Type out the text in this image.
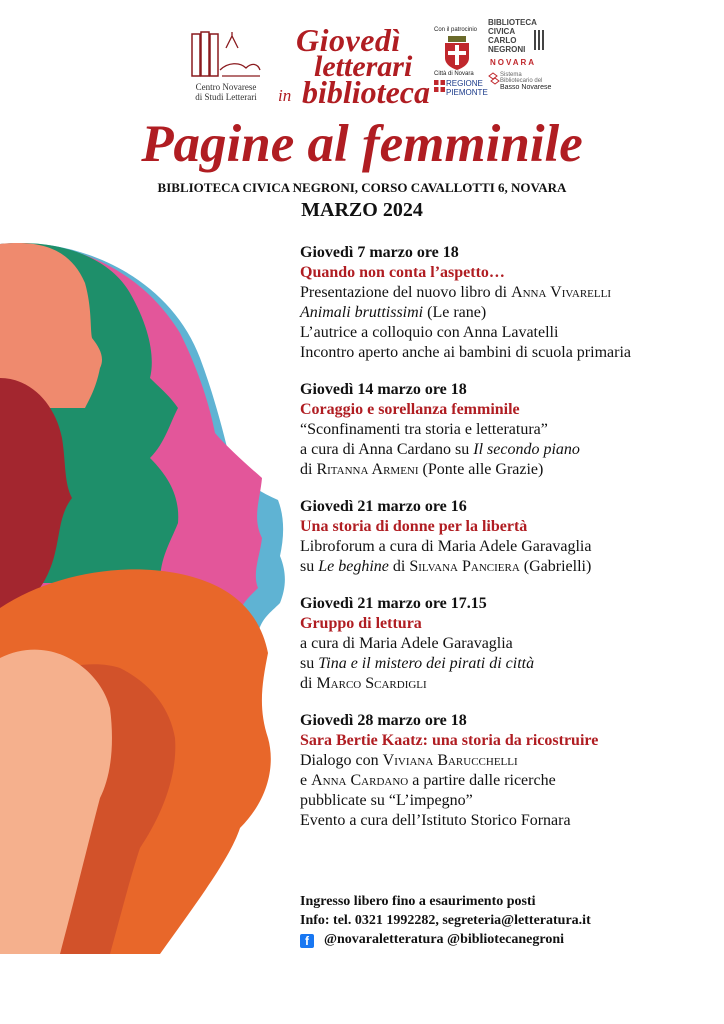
Centro Novarese
di Studi Letterari
Giovedì
letterari
in biblioteca
Con il patrocinio
Città di Novara
REGIONE PIEMONTE
BIBLIOTECA
CIVICA
CARLO
NEGRONI
NOVARA
Sistema Bibliotecario del
Basso Novarese
Pagine al femminile
BIBLIOTECA CIVICA NEGRONI, CORSO CAVALLOTTI 6, NOVARA
MARZO 2024
Giovedì 7 marzo ore 18
Quando non conta l’aspetto…
Presentazione del nuovo libro di Anna Vivarelli
Animali bruttissimi (Le rane)
L’autrice a colloquio con Anna Lavatelli
Incontro aperto anche ai bambini di scuola primaria
Giovedì 14 marzo ore 18
Coraggio e sorellanza femminile
“Sconfinamenti tra storia e letteratura”
a cura di Anna Cardano su Il secondo piano
di Ritanna Armeni (Ponte alle Grazie)
Giovedì 21 marzo ore 16
Una storia di donne per la libertà
Libroforum a cura di Maria Adele Garavaglia
su Le beghine di Silvana Panciera (Gabrielli)
Giovedì 21 marzo ore 17.15
Gruppo di lettura
a cura di Maria Adele Garavaglia
su Tina e il mistero dei pirati di città
di Marco Scardigli
Giovedì 28 marzo ore 18
Sara Bertie Kaatz: una storia da ricostruire
Dialogo con Viviana Barucchelli
e Anna Cardano a partire dalle ricerche
pubblicate su “L’impegno”
Evento a cura dell’Istituto Storico Fornara
Ingresso libero fino a esaurimento posti
Info: tel. 0321 1992282, segreteria@letteratura.it
f @novaraletteratura @bibliotecanegroni
